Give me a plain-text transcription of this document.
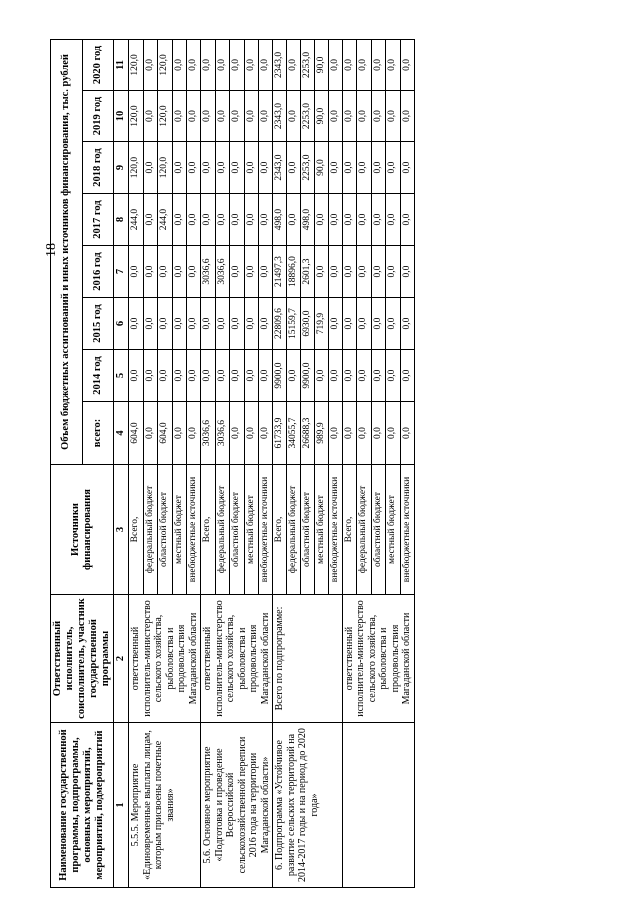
18
Наименование государственной программы, подпрограммы, основных мероприятий, мероприятий, подмероприятий	Ответственный исполнитель, соисполнитель, участник государственной программы	Источники финансирования	Объем бюджетных ассигнований и иных источников финансирования, тыс. рублей							
			всего:	2014 год	2015 год	2016 год	2017 год	2018 год	2019 год	2020 год
1	2	3	4	5	6	7	8	9	10	11
5.5.5. Мероприятие «Единовременные выплаты лицам, которым присвоены почетные звания»	ответственный исполнитель-министерство сельского хозяйства, рыболовства и продовольствия Магаданской области	Всего,	604,0	0,0	0,0	0,0	244,0	120,0	120,0	120,0
		федеральный бюджет	0,0	0,0	0,0	0,0	0,0	0,0	0,0	0,0
		областной бюджет	604,0	0,0	0,0	0,0	244,0	120,0	120,0	120,0
		местный бюджет	0,0	0,0	0,0	0,0	0,0	0,0	0,0	0,0
		внебюджетные источники	0,0	0,0	0,0	0,0	0,0	0,0	0,0	0,0
5.6. Основное мероприятие «Подготовка и проведение Всероссийской сельскохозяйственной переписи 2016 года на территории Магаданской области»	ответственный исполнитель-министерство сельского хозяйства, рыболовства и продовольствия Магаданской области	Всего,	3036,6	0,0	0,0	3036,6	0,0	0,0	0,0	0,0
		федеральный бюджет	3036,6	0,0	0,0	3036,6	0,0	0,0	0,0	0,0
		областной бюджет	0,0	0,0	0,0	0,0	0,0	0,0	0,0	0,0
		местный бюджет	0,0	0,0	0,0	0,0	0,0	0,0	0,0	0,0
		внебюджетные источники	0,0	0,0	0,0	0,0	0,0	0,0	0,0	0,0
6. Подпрограмма «Устойчивое развитие сельских территорий на 2014-2017 годы и на период до 2020 года»	Всего по подпрограмме:	Всего,	61733,9	9900,0	22809,6	21497,3	498,0	2343,0	2343,0	2343,0
		федеральный бюджет	34055,7	0,0	15159,7	18896,0	0,0	0,0	0,0	0,0
		областной бюджет	26688,3	9900,0	6930,0	2601,3	498,0	2253,0	2253,0	2253,0
		местный бюджет	989,9	0,0	719,9	0,0	0,0	90,0	90,0	90,0
		внебюджетные источники	0,0	0,0	0,0	0,0	0,0	0,0	0,0	0,0
	ответственный исполнитель-министерство сельского хозяйства, рыболовства и продовольствия Магаданской области	Всего,	0,0	0,0	0,0	0,0	0,0	0,0	0,0	0,0
		федеральный бюджет	0,0	0,0	0,0	0,0	0,0	0,0	0,0	0,0
		областной бюджет	0,0	0,0	0,0	0,0	0,0	0,0	0,0	0,0
		местный бюджет	0,0	0,0	0,0	0,0	0,0	0,0	0,0	0,0
		внебюджетные источники	0,0	0,0	0,0	0,0	0,0	0,0	0,0	0,0
